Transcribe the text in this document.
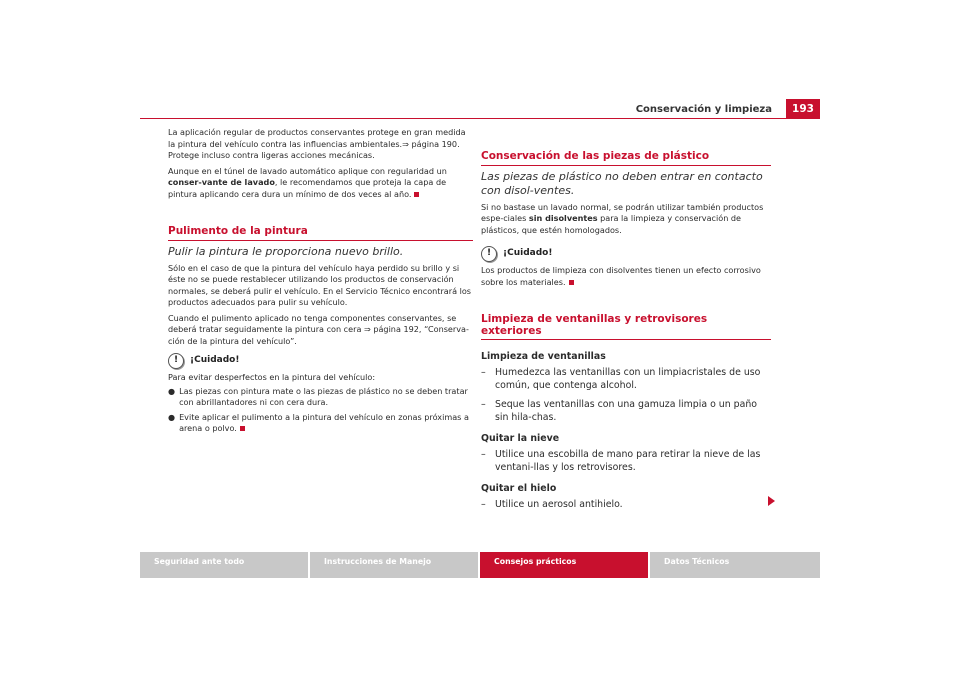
Conservación y limpieza	193

La aplicación regular de productos conservantes protege en gran medida la pintura del vehículo contra las influencias ambientales.⇒ página 190. Protege incluso contra ligeras acciones mecánicas.

Aunque en el túnel de lavado automático aplique con regularidad un conser-vante de lavado, le recomendamos que proteja la capa de pintura aplicando cera dura un mínimo de dos veces al año.

Pulimento de la pintura
Pulir la pintura le proporciona nuevo brillo.

Sólo en el caso de que la pintura del vehículo haya perdido su brillo y si éste no se puede restablecer utilizando los productos de conservación normales, se deberá pulir el vehículo. En el Servicio Técnico encontrará los productos adecuados para pulir su vehículo.

Cuando el pulimento aplicado no tenga componentes conservantes, se deberá tratar seguidamente la pintura con cera ⇒ página 192, “Conserva-ción de la pintura del vehículo”.

!	¡Cuidado!

Para evitar desperfectos en la pintura del vehículo:

● Las piezas con pintura mate o las piezas de plástico no se deben tratar con abrillantadores ni con cera dura.
● Evite aplicar el pulimento a la pintura del vehículo en zonas próximas a arena o polvo.
Conservación de las piezas de plástico
Las piezas de plástico no deben entrar en contacto con disol-ventes.

Si no bastase un lavado normal, se podrán utilizar también productos espe-ciales sin disolventes para la limpieza y conservación de plásticos, que estén homologados.

!	¡Cuidado!

Los productos de limpieza con disolventes tienen un efecto corrosivo sobre los materiales.

Limpieza de ventanillas y retrovisores exteriores
Limpieza de ventanillas
– Humedezca las ventanillas con un limpiacristales de uso común, que contenga alcohol.
– Seque las ventanillas con una gamuza limpia o un paño sin hila-chas.
Quitar la nieve
– Utilice una escobilla de mano para retirar la nieve de las ventani-llas y los retrovisores.
Quitar el hielo
– Utilice un aerosol antihielo.
Seguridad ante todo	Instrucciones de Manejo	Consejos prácticos	Datos Técnicos
